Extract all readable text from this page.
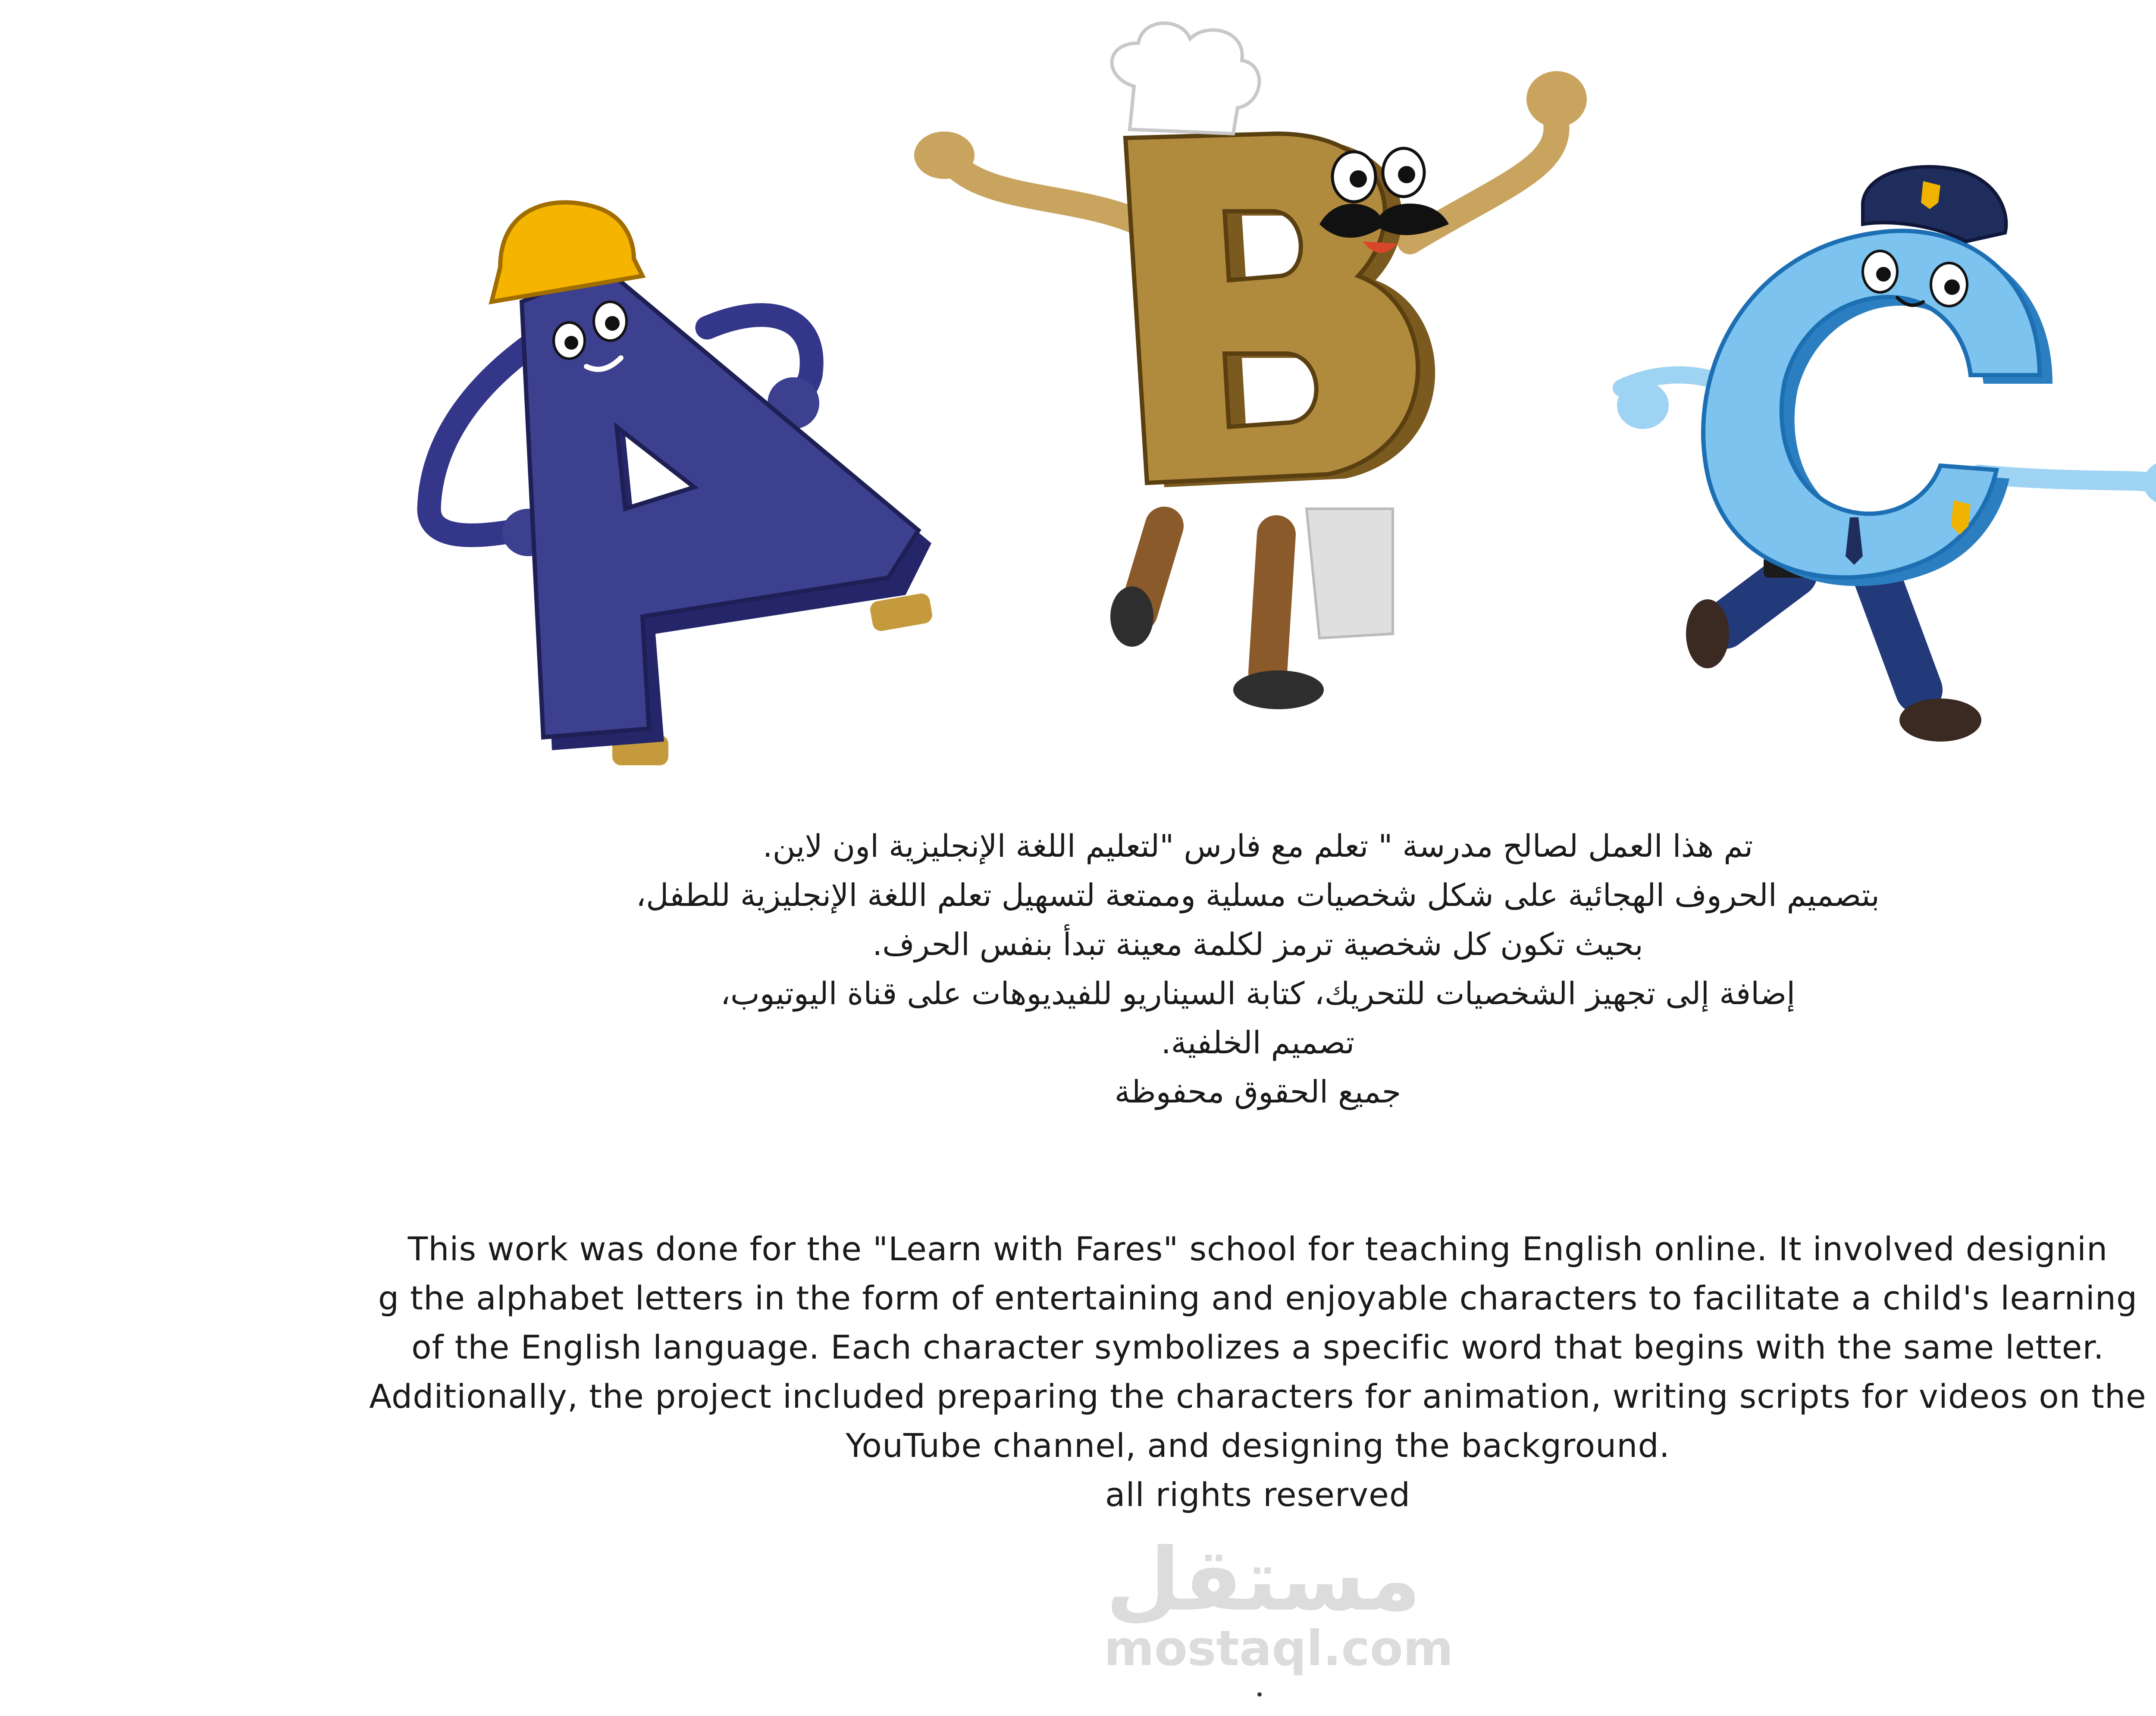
تم هذا العمل لصالح مدرسة " تعلم مع فارس "لتعليم اللغة الإنجليزية اون لاين.

بتصميم الحروف الهجائية على شكل شخصيات مسلية وممتعة لتسهيل تعلم اللغة الإنجليزية للطفل،

بحيث تكون كل شخصية ترمز لكلمة معينة تبدأ بنفس الحرف.

إضافة إلى تجهيز الشخصيات للتحريك، كتابة السيناريو للفيديوهات على قناة اليوتيوب،

تصميم الخلفية.

جميع الحقوق محفوظة

This work was done for the "Learn with Fares" school for teaching English online. It involved designin

g the alphabet letters in the form of entertaining and enjoyable characters to facilitate a child's learning

of the English language. Each character symbolizes a specific word that begins with the same letter.

Additionally, the project included preparing the characters for animation, writing scripts for videos on the

YouTube channel, and designing the background.

all rights reserved

مستقل
mostaql.com
